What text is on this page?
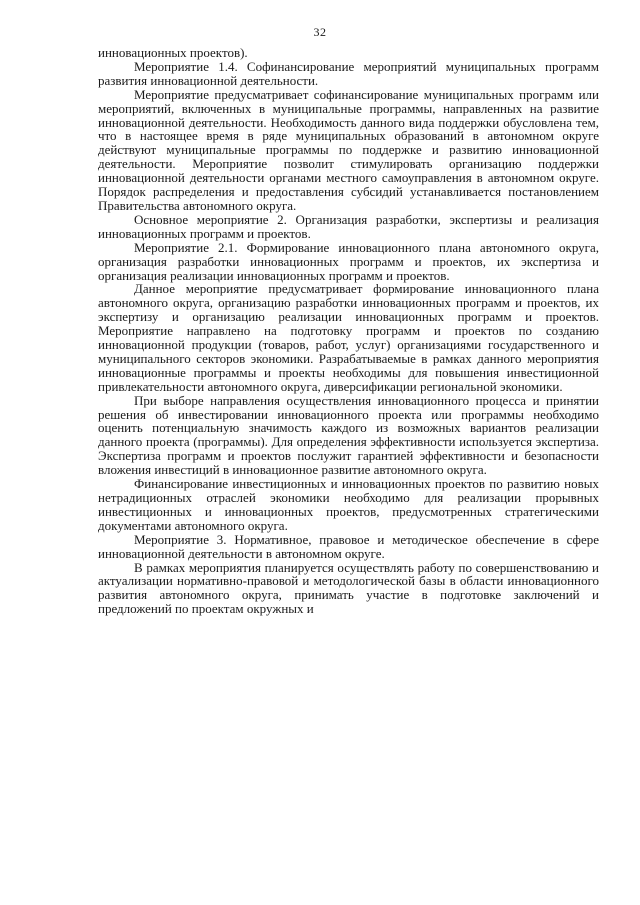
32

инновационных проектов).

Мероприятие 1.4. Софинансирование мероприятий муниципальных программ развития инновационной деятельности.

Мероприятие предусматривает софинансирование муниципальных программ или мероприятий, включенных в муниципальные программы, направленных на развитие инновационной деятельности. Необходимость данного вида поддержки обусловлена тем, что в настоящее время в ряде муниципальных образований в автономном округе действуют муниципальные программы по поддержке и развитию инновационной деятельности. Мероприятие позволит стимулировать организацию поддержки инновационной деятельности органами местного самоуправления в автономном округе. Порядок распределения и предоставления субсидий устанавливается постановлением Правительства автономного округа.

Основное мероприятие 2. Организация разработки, экспертизы и реализация инновационных программ и проектов.

Мероприятие 2.1. Формирование инновационного плана автономного округа, организация разработки инновационных программ и проектов, их экспертиза и организация реализации инновационных программ и проектов.

Данное мероприятие предусматривает формирование инновационного плана автономного округа, организацию разработки инновационных программ и проектов, их экспертизу и организацию реализации инновационных программ и проектов. Мероприятие направлено на подготовку программ и проектов по созданию инновационной продукции (товаров, работ, услуг) организациями государственного и муниципального секторов экономики. Разрабатываемые в рамках данного мероприятия инновационные программы и проекты необходимы для повышения инвестиционной привлекательности автономного округа, диверсификации региональной экономики.

При выборе направления осуществления инновационного процесса и принятии решения об инвестировании инновационного проекта или программы необходимо оценить потенциальную значимость каждого из возможных вариантов реализации данного проекта (программы). Для определения эффективности используется экспертиза. Экспертиза программ и проектов послужит гарантией эффективности и безопасности вложения инвестиций в инновационное развитие автономного округа.

Финансирование инвестиционных и инновационных проектов по развитию новых нетрадиционных отраслей экономики необходимо для реализации прорывных инвестиционных и инновационных проектов, предусмотренных стратегическими документами автономного округа.

Мероприятие 3. Нормативное, правовое и методическое обеспечение в сфере инновационной деятельности в автономном округе.

В рамках мероприятия планируется осуществлять работу по совершенствованию и актуализации нормативно-правовой и методологической базы в области инновационного развития автономного округа, принимать участие в подготовке заключений и предложений по проектам окружных и
